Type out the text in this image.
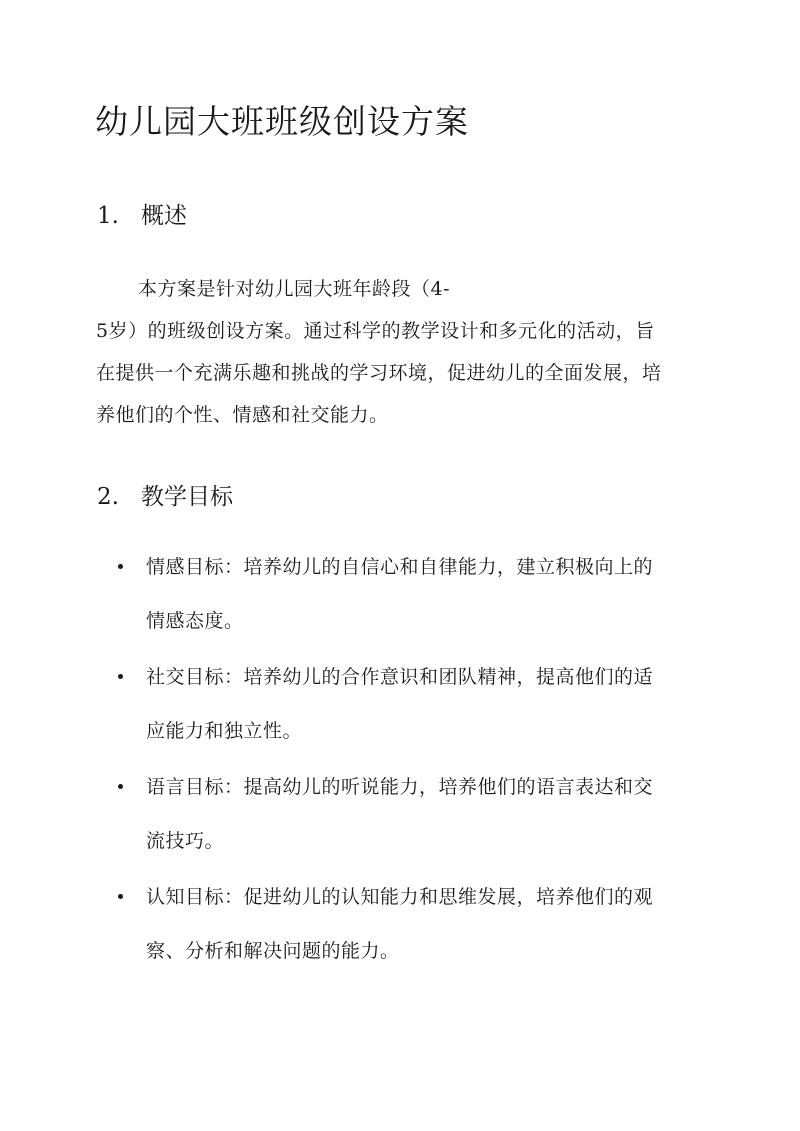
幼儿园大班班级创设方案
1. 概述

本方案是针对幼儿园大班年龄段（4-
5岁）的班级创设方案。通过科学的教学设计和多元化的活动，旨
在提供一个充满乐趣和挑战的学习环境，促进幼儿的全面发展，培
养他们的个性、情感和社交能力。

2. 教学目标
情感目标：培养幼儿的自信心和自律能力，建立积极向上的
情感态度。
社交目标：培养幼儿的合作意识和团队精神，提高他们的适
应能力和独立性。
语言目标：提高幼儿的听说能力，培养他们的语言表达和交
流技巧。
认知目标：促进幼儿的认知能力和思维发展，培养他们的观
察、分析和解决问题的能力。
